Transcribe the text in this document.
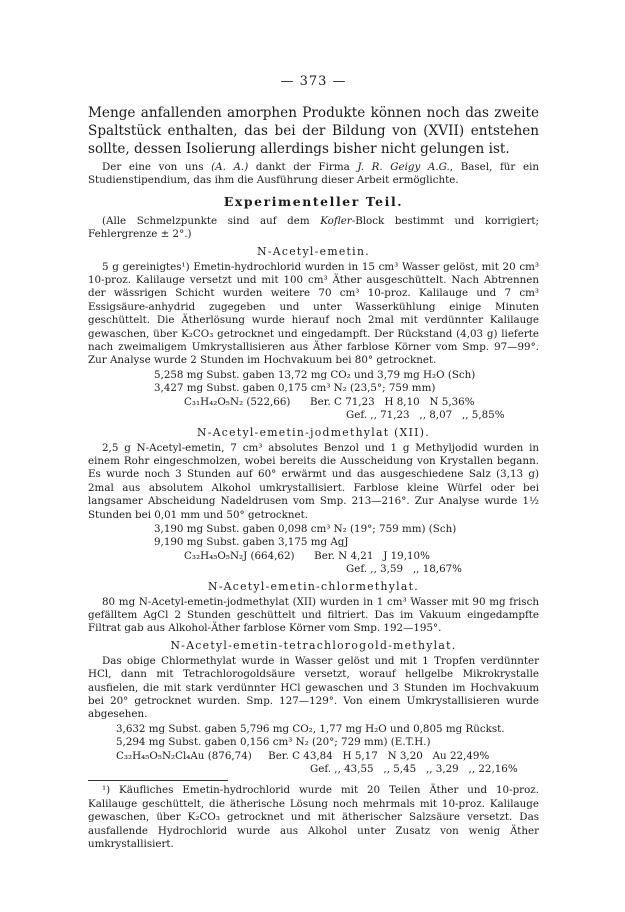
— 373 —

Menge anfallenden amorphen Produkte können noch das zweite Spaltstück enthalten, das bei der Bildung von (XVII) entstehen sollte, dessen Isolierung allerdings bisher nicht gelungen ist.

Der eine von uns (A. A.) dankt der Firma J. R. Geigy A.G., Basel, für ein Studienstipendium, das ihm die Ausführung dieser Arbeit ermöglichte.

Experimenteller Teil.

(Alle Schmelzpunkte sind auf dem Kofler-Block bestimmt und korrigiert; Fehlergrenze ± 2°.)

N-Acetyl-emetin.

5 g gereinigtes¹) Emetin-hydrochlorid wurden in 15 cm³ Wasser gelöst, mit 20 cm³ 10-proz. Kalilauge versetzt und mit 100 cm³ Äther ausgeschüttelt. Nach Abtrennen der wässrigen Schicht wurden weitere 70 cm³ 10-proz. Kalilauge und 7 cm³ Essigsäure-anhydrid zugegeben und unter Wasserkühlung einige Minuten geschüttelt. Die Ätherlösung wurde hierauf noch 2mal mit verdünnter Kalilauge gewaschen, über K₂CO₃ getrocknet und eingedampft. Der Rückstand (4,03 g) lieferte nach zweimaligem Umkrystallisieren aus Äther farblose Körner vom Smp. 97—99°. Zur Analyse wurde 2 Stunden im Hochvakuum bei 80° getrocknet.

5,258 mg Subst. gaben 13,72 mg CO₂ und 3,79 mg H₂O (Sch)
3,427 mg Subst. gaben 0,175 cm³ N₂ (23,5°; 759 mm)
C₃₁H₄₂O₅N₂ (522,66)      Ber. C 71,23   H 8,10   N 5,36%
Gef. ,, 71,23   ,, 8,07   ,, 5,85%
N-Acetyl-emetin-jodmethylat (XII).

2,5 g N-Acetyl-emetin, 7 cm³ absolutes Benzol und 1 g Methyljodid wurden in einem Rohr eingeschmolzen, wobei bereits die Ausscheidung von Krystallen begann. Es wurde noch 3 Stunden auf 60° erwärmt und das ausgeschiedene Salz (3,13 g) 2mal aus absolutem Alkohol umkrystallisiert. Farblose kleine Würfel oder bei langsamer Abscheidung Nadeldrusen vom Smp. 213—216°. Zur Analyse wurde 1½ Stunden bei 0,01 mm und 50° getrocknet.

3,190 mg Subst. gaben 0,098 cm³ N₂ (19°; 759 mm) (Sch)
9,190 mg Subst. gaben 3,175 mg AgJ
C₃₂H₄₅O₅N₂J (664,62)      Ber. N 4,21   J 19,10%
Gef. ,, 3,59   ,, 18,67%
N-Acetyl-emetin-chlormethylat.

80 mg N-Acetyl-emetin-jodmethylat (XII) wurden in 1 cm³ Wasser mit 90 mg frisch gefälltem AgCl 2 Stunden geschüttelt und filtriert. Das im Vakuum eingedampfte Filtrat gab aus Alkohol-Äther farblose Körner vom Smp. 192—195°.

N-Acetyl-emetin-tetrachlorogold-methylat.

Das obige Chlormethylat wurde in Wasser gelöst und mit 1 Tropfen verdünnter HCl, dann mit Tetrachlorogoldsäure versetzt, worauf hellgelbe Mikrokrystalle ausfielen, die mit stark verdünnter HCl gewaschen und 3 Stunden im Hochvakuum bei 20° getrocknet wurden. Smp. 127—129°. Von einem Umkrystallisieren wurde abgesehen.

3,632 mg Subst. gaben 5,796 mg CO₂, 1,77 mg H₂O und 0,805 mg Rückst.
5,294 mg Subst. gaben 0,156 cm³ N₂ (20°; 729 mm) (E.T.H.)
C₃₂H₄₅O₅N₂Cl₄Au (876,74)     Ber. C 43,84   H 5,17   N 3,20   Au 22,49%
Gef. ,, 43,55   ,, 5,45   ,, 3,29   ,, 22,16%

¹) Käufliches Emetin-hydrochlorid wurde mit 20 Teilen Äther und 10-proz. Kalilauge geschüttelt, die ätherische Lösung noch mehrmals mit 10-proz. Kalilauge gewaschen, über K₂CO₃ getrocknet und mit ätherischer Salzsäure versetzt. Das ausfallende Hydrochlorid wurde aus Alkohol unter Zusatz von wenig Äther umkrystallisiert.
